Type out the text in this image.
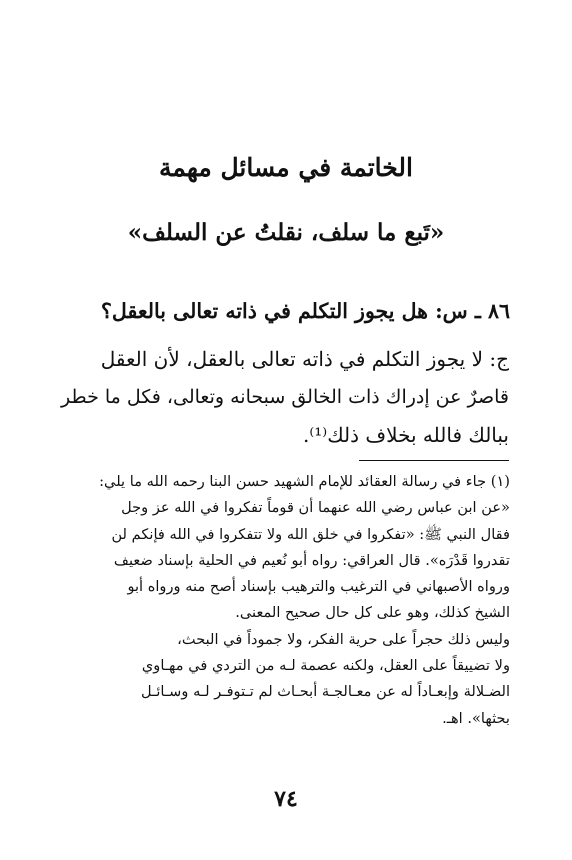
الخاتمة في مسائل مهمة
«تَبع ما سلف، نقلتُ عن السلف»
٨٦ ـ س: هل يجوز التكلم في ذاته تعالى بالعقل؟
ج: لا يجوز التكلم في ذاته تعالى بالعقل، لأن العقل
قاصرٌ عن إدراك ذات الخالق سبحانه وتعالى، فكل ما خطر
ببالك فالله بخلاف ذلك⁽¹⁾.
(١) جاء في رسالة العقائد للإمام الشهيد حسن البنا رحمه الله ما يلي:
«عن ابن عباس رضي الله عنهما أن قوماً تفكروا في الله عز وجل
فقال النبي ﷺ: «تفكروا في خلق الله ولا تتفكروا في الله فإنكم لن
تقدروا قَدْرَه». قال العراقي: رواه أبو نُعيم في الحلية بإسناد ضعيف
ورواه الأصبهاني في الترغيب والترهيب بإسناد أصح منه ورواه أبو
الشيخ كذلك، وهو على كل حال صحيح المعنى.
وليس ذلك حجراً على حرية الفكر، ولا جموداً في البحث،
ولا تضييقاً على العقل، ولكنه عصمة لـه من التردي في مهـاوي
الضـلالة وإبعـاداً له عن معـالجـة أبحـاث لم تـتوفـر لـه وسـائـل
بحثها». اهـ.
٧٤
